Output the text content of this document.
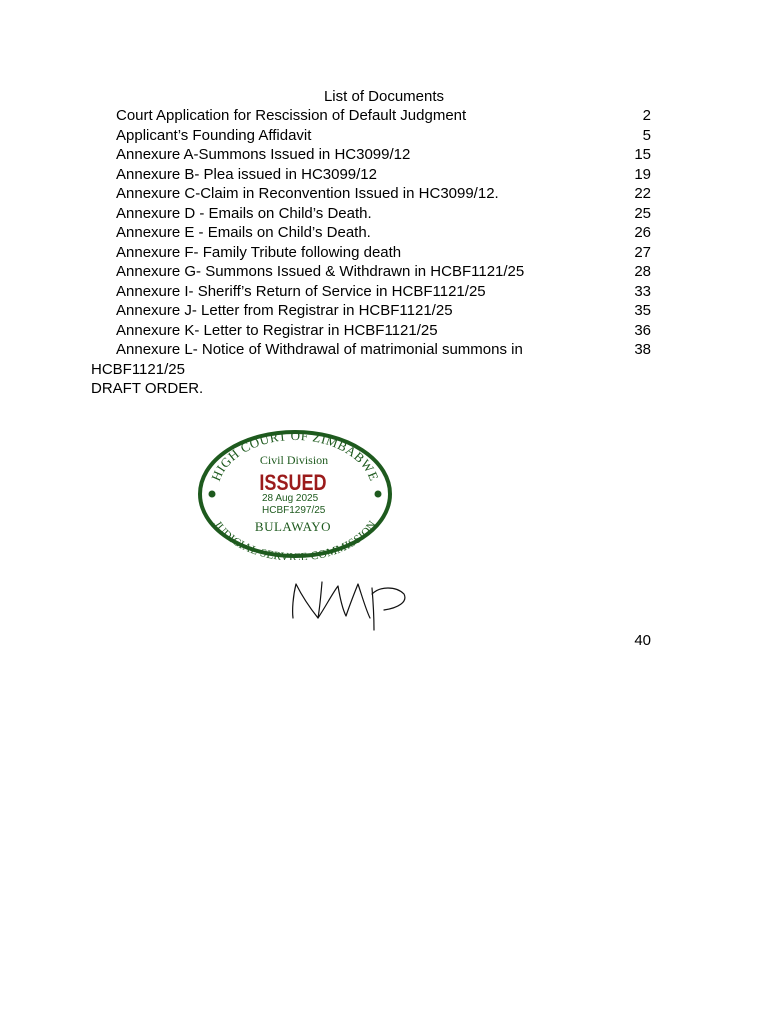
List of Documents
Court Application for Rescission of Default Judgment	2
Applicant’s Founding Affidavit	5
Annexure A-Summons Issued in HC3099/12	15
Annexure B- Plea issued in HC3099/12	19
Annexure C-Claim in Reconvention Issued in HC3099/12.	22
Annexure D - Emails on Child’s Death.	25
Annexure E - Emails on Child’s Death.	26
Annexure F- Family Tribute following death	27
Annexure G- Summons Issued & Withdrawn in HCBF1121/25	28
Annexure I- Sheriff’s Return of Service in HCBF1121/25	33
Annexure J- Letter from Registrar in HCBF1121/25	35
Annexure K- Letter to Registrar in HCBF1121/25	36
Annexure L- Notice of Withdrawal of matrimonial summons in	38
HCBF1121/25
DRAFT ORDER.
HIGH COURT OF ZIMBABWE
Civil Division
ISSUED
28 Aug 2025
HCBF1297/25
BULAWAYO
JUDICIAL SERVICE COMMISSION
40
